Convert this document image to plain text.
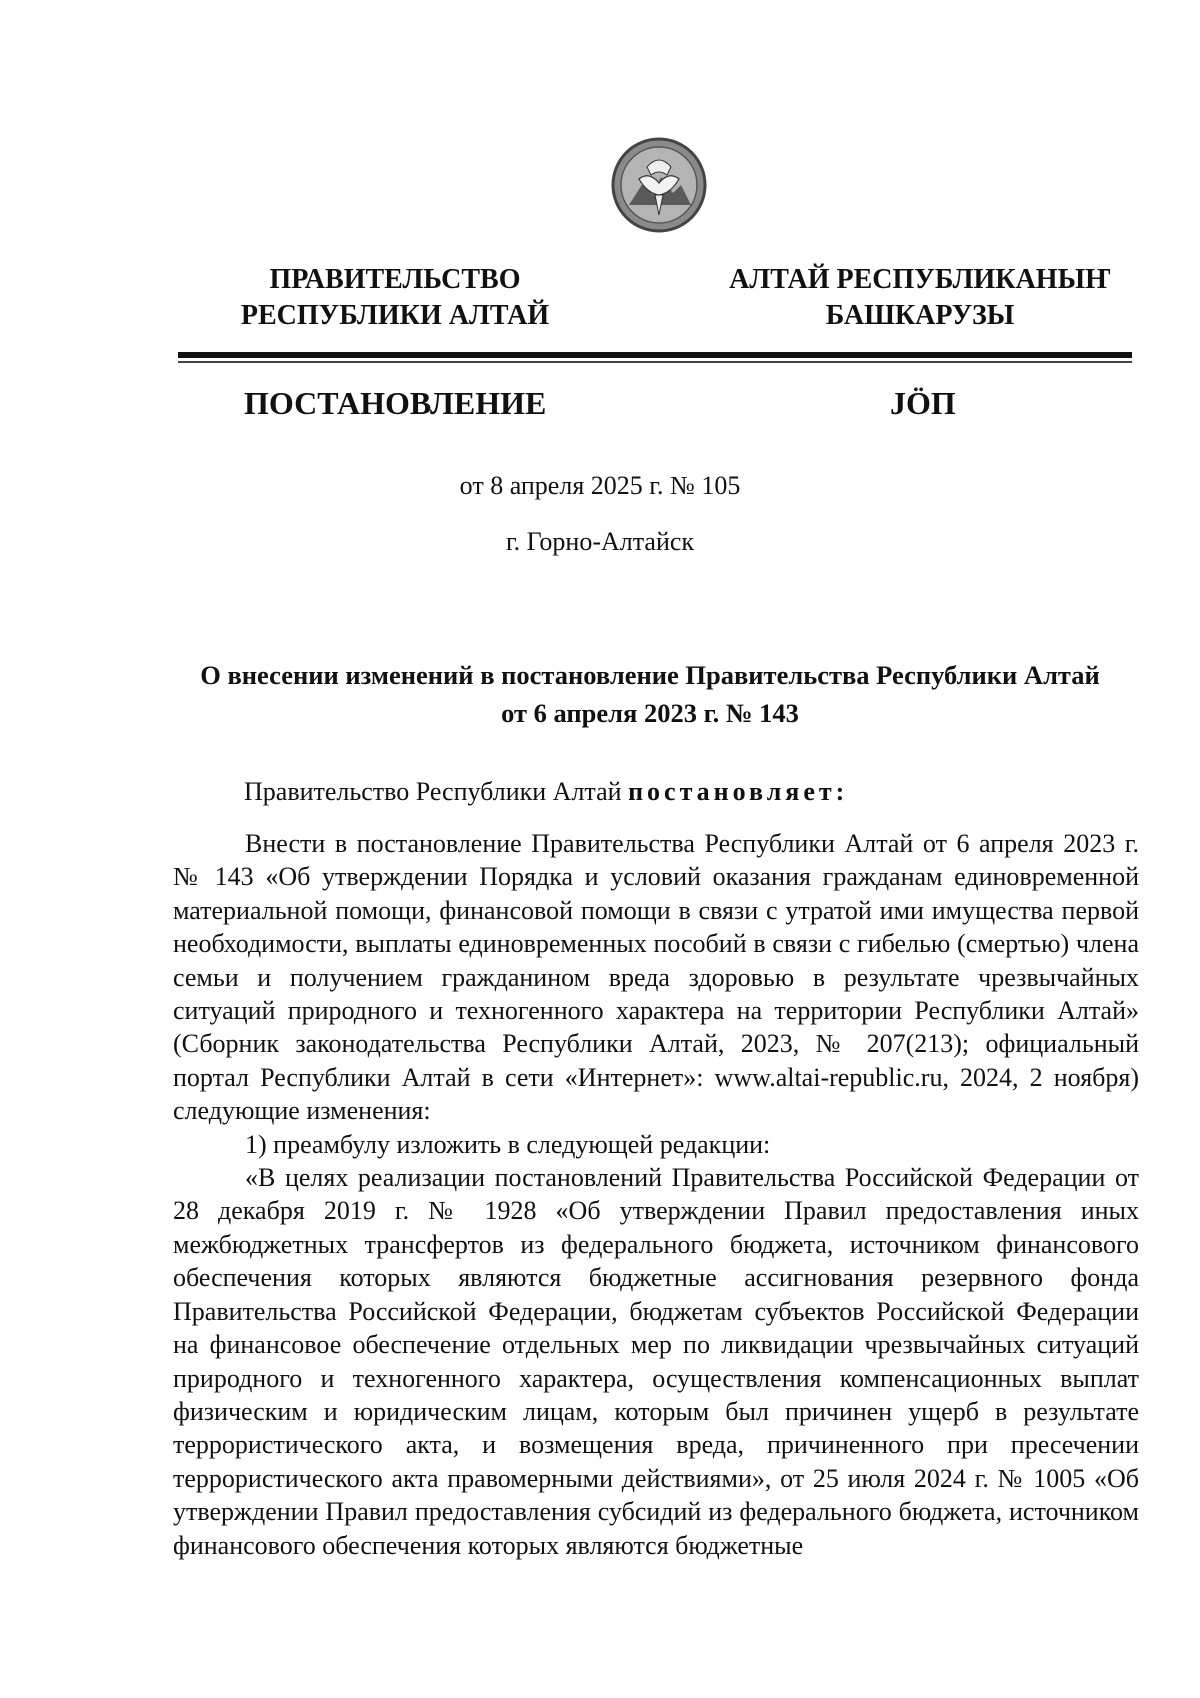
ПРАВИТЕЛЬСТВО
РЕСПУБЛИКИ АЛТАЙ
АЛТАЙ РЕСПУБЛИКАНЫҤ
БАШКАРУЗЫ
ПОСТАНОВЛЕНИЕ	JӦП
от 8 апреля 2025 г. № 105
г. Горно-Алтайск
О внесении изменений в постановление Правительства Республики Алтай
от 6 апреля 2023 г. № 143
Правительство Республики Алтай постановляет:

Внести в постановление Правительства Республики Алтай от 6 апреля 2023 г. № 143 «Об утверждении Порядка и условий оказания гражданам единовременной материальной помощи, финансовой помощи в связи с утратой ими имущества первой необходимости, выплаты единовременных пособий в связи с гибелью (смертью) члена семьи и получением гражданином вреда здоровью в результате чрезвычайных ситуаций природного и техногенного характера на территории Республики Алтай» (Сборник законодательства Республики Алтай, 2023, № 207(213); официальный портал Республики Алтай в сети «Интернет»: www.altai-republic.ru, 2024, 2 ноября) следующие изменения:

1) преамбулу изложить в следующей редакции:

«В целях реализации постановлений Правительства Российской Федерации от 28 декабря 2019 г. № 1928 «Об утверждении Правил предоставления иных межбюджетных трансфертов из федерального бюджета, источником финансового обеспечения которых являются бюджетные ассигнования резервного фонда Правительства Российской Федерации, бюджетам субъектов Российской Федерации на финансовое обеспечение отдельных мер по ликвидации чрезвычайных ситуаций природного и техногенного характера, осуществления компенсационных выплат физическим и юридическим лицам, которым был причинен ущерб в результате террористического акта, и возмещения вреда, причиненного при пресечении террористического акта правомерными действиями», от 25 июля 2024 г. № 1005 «Об утверждении Правил предоставления субсидий из федерального бюджета, источником финансового обеспечения которых являются бюджетные
